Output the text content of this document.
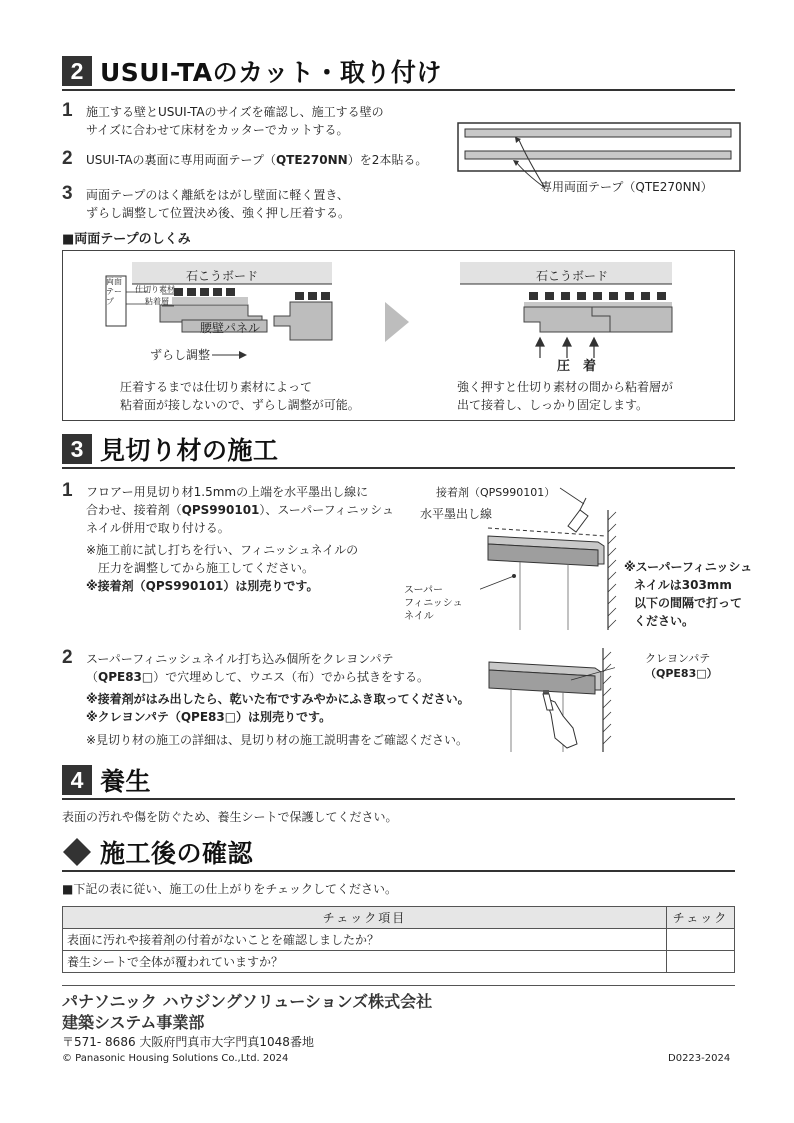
2 USUI-TAのカット・取り付け
1 施工する壁とUSUI-TAのサイズを確認し、施工する壁の
サイズに合わせて床材をカッターでカットする。
2 USUI-TAの裏面に専用両面テープ（QTE270NN）を2本貼る。
3 両面テープのはく離紙をはがし壁面に軽く置き、
ずらし調整して位置決め後、強く押し圧着する。
専用両面テープ（QTE270NN）
■両面テープのしくみ
石こうボード
両面テープ
仕切り素材
粘着層
腰壁パネル
ずらし調整
石こうボード
圧　着
圧着するまでは仕切り素材によって
粘着面が接しないので、ずらし調整が可能。
強く押すと仕切り素材の間から粘着層が
出て接着し、しっかり固定します。
3 見切り材の施工
1 フロアー用見切り材1.5mmの上端を水平墨出し線に
合わせ、接着剤（QPS990101）、スーパーフィニッシュ
ネイル併用で取り付ける。
※施工前に試し打ちを行い、フィニッシュネイルの
　圧力を調整してから施工してください。
※接着剤（QPS990101）は別売りです。
接着剤（QPS990101）
水平墨出し線
スーパー
フィニッシュ
ネイル
※スーパーフィニッシュ
ネイルは303mm
以下の間隔で打って
ください。
2 スーパーフィニッシュネイル打ち込み個所をクレヨンパテ
（QPE83□）で穴埋めして、ウエス（布）でから拭きをする。
※接着剤がはみ出したら、乾いた布ですみやかにふき取ってください。
※クレヨンパテ（QPE83□）は別売りです。
※見切り材の施工の詳細は、見切り材の施工説明書をご確認ください。
クレヨンパテ
（QPE83□）
4 養生
表面の汚れや傷を防ぐため、養生シートで保護してください。
施工後の確認
■下記の表に従い、施工の仕上がりをチェックしてください。
チェック項目	チェック
表面に汚れや接着剤の付着がないことを確認しましたか？	
養生シートで全体が覆われていますか？	
パナソニック ハウジングソリューションズ株式会社
建築システム事業部
〒571- 8686 大阪府門真市大字門真1048番地
© Panasonic Housing Solutions Co.,Ltd. 2024	D0223-2024
